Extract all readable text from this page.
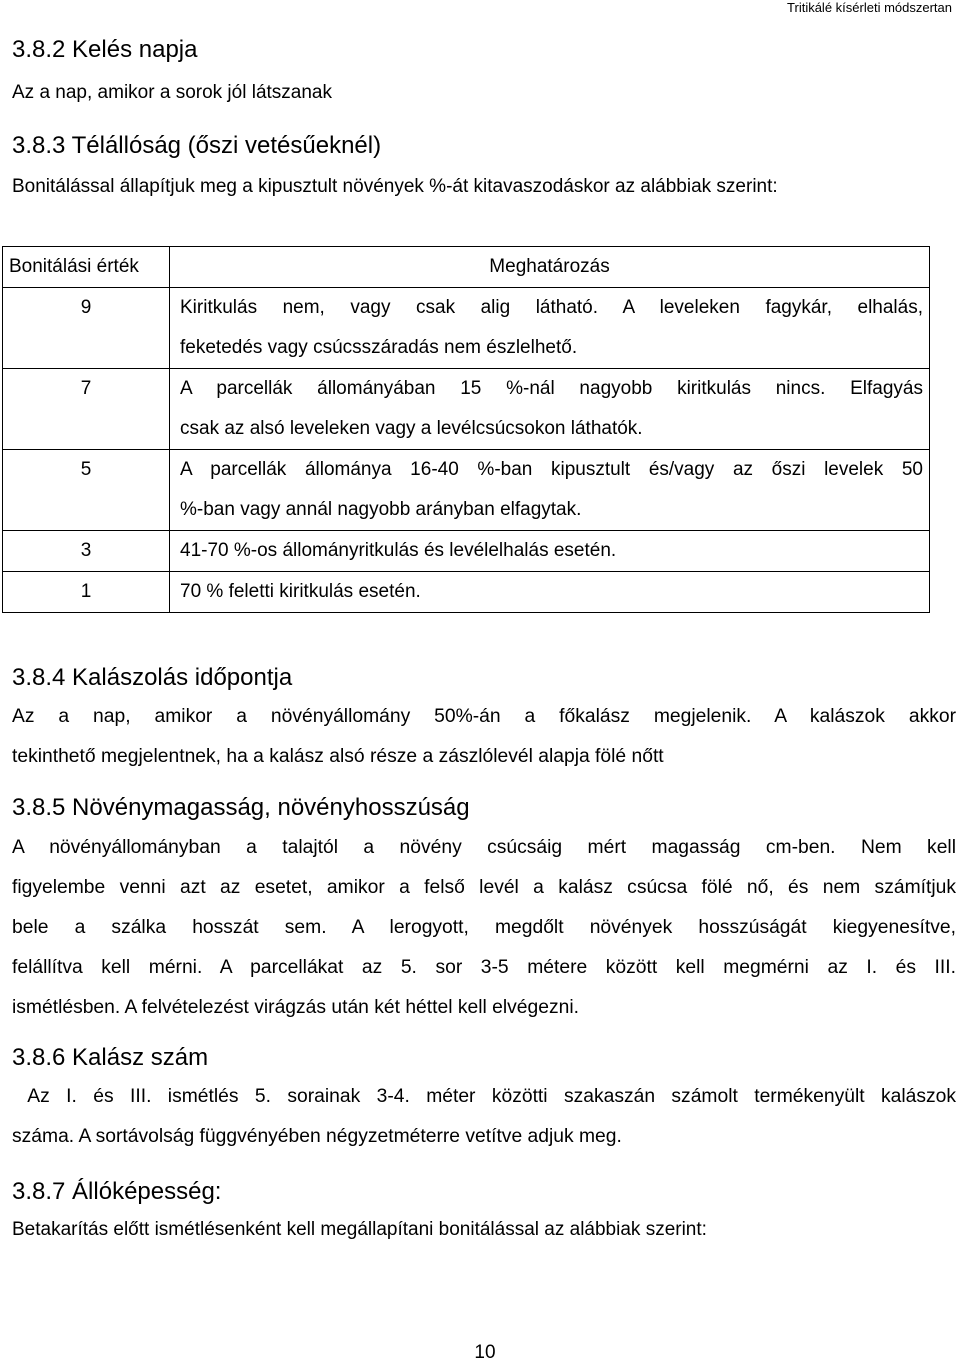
Tritikálé kísérleti módszertan
3.8.2 Kelés napja
Az a nap, amikor a sorok jól látszanak
3.8.3 Télállóság (őszi vetésűeknél)
Bonitálással állapítjuk meg a kipusztult növények %-át kitavaszodáskor az alábbiak szerint:
Bonitálási érték	Meghatározás
9	Kiritkulás nem, vagy csak alig látható. A leveleken fagykár, elhalás,
feketedés vagy csúcsszáradás nem észlelhető.

7	A parcellák állományában 15 %-nál nagyobb kiritkulás nincs. Elfagyás
csak az alsó leveleken vagy a levélcsúcsokon láthatók.

5	A parcellák állománya 16-40 %-ban kipusztult és/vagy az őszi levelek 50
%-ban vagy annál nagyobb arányban elfagytak.

3	41-70 %-os állományritkulás és levélelhalás esetén.

1	70 % feletti kiritkulás esetén.
3.8.4 Kalászolás időpontja
Az a nap, amikor a növényállomány 50%-án a főkalász megjelenik. A kalászok akkor
tekinthető megjelentnek, ha a kalász alsó része a zászlólevél alapja fölé nőtt
3.8.5 Növénymagasság, növényhosszúság
A növényállományban a talajtól a növény csúcsáig mért magasság cm-ben. Nem kell
figyelembe venni azt az esetet, amikor a felső levél a kalász csúcsa fölé nő, és nem számítjuk
bele a szálka hosszát sem. A lerogyott, megdőlt növények hosszúságát kiegyenesítve,
felállítva kell mérni. A parcellákat az 5. sor 3-5 métere között kell megmérni az I. és III.
ismétlésben. A felvételezést virágzás után két héttel kell elvégezni.
3.8.6 Kalász szám
Az I. és III. ismétlés 5. sorainak 3-4. méter közötti szakaszán számolt termékenyült kalászok
száma. A sortávolság függvényében négyzetméterre vetítve adjuk meg.
3.8.7 Állóképesség:
Betakarítás előtt ismétlésenként kell megállapítani bonitálással az alábbiak szerint:
10
